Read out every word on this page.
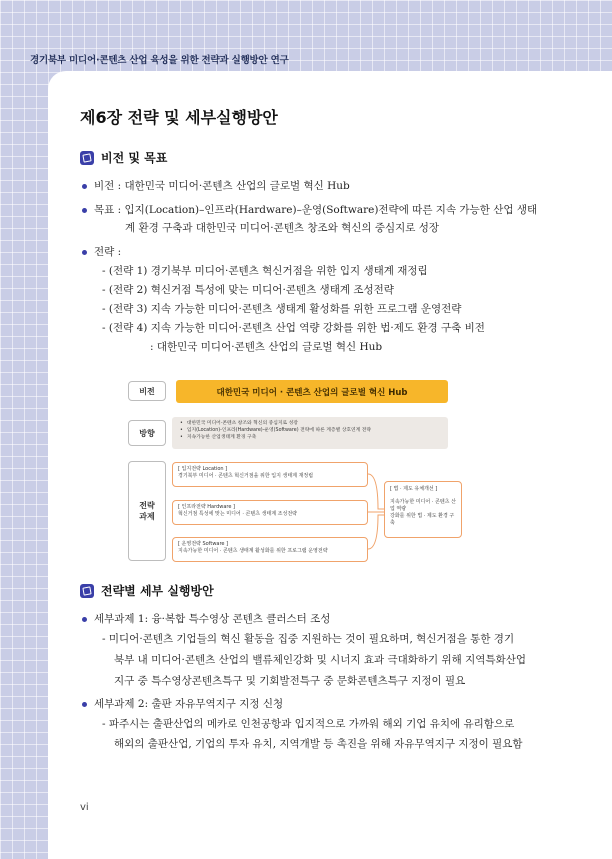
경기북부 미디어·콘텐츠 산업 육성을 위한 전략과 실행방안 연구
제6장 전략 및 세부실행방안
비전 및 목표
비전 : 대한민국 미디어·콘텐츠 산업의 글로벌 혁신 Hub
목표 : 입지(Location)–인프라(Hardware)–운영(Software)전략에 따른 지속 가능한 산업 생태
계 환경 구축과 대한민국 미디어·콘텐츠 창조와 혁신의 중심지로 성장
전략 :
- (전략 1) 경기북부 미디어·콘텐츠 혁신거점을 위한 입지 생태계 재정립
- (전략 2) 혁신거점 특성에 맞는 미디어·콘텐츠 생태계 조성전략
- (전략 3) 지속 가능한 미디어·콘텐츠 생태계 활성화를 위한 프로그램 운영전략
- (전략 4) 지속 가능한 미디어·콘텐츠 산업 역량 강화를 위한 법·제도 환경 구축 비전
: 대한민국 미디어·콘텐츠 산업의 글로벌 혁신 Hub
비전	대한민국 미디어 · 콘텐츠 산업의 글로벌 혁신 Hub
방향
• 대한민국 미디어·콘텐츠 창조와 혁신의 중심지로 성장
• 입지(Location)-인프라(Hardware)-운영(Software) 전략에 따른 계층별 상호연계 전략
• 지속가능한 산업생태계 환경 구축
전략
과제
[ 입지전략 Location ]
경기북부 미디어 · 콘텐츠 혁신거점을 위한 입지 생태계 재정립
[ 인프라전략 Hardware ]
혁신거점 특성에 맞는 미디어 · 콘텐츠 생태계 조성전략
[ 운영전략 Software ]
지속가능한 미디어 · 콘텐츠 생태계 활성화를 위한 프로그램 운영전략
[ 법 · 제도 유체개선 ]
지속가능한 미디어 · 콘텐츠 산업 역량
강화를 위한 법 · 제도 환경 구축
전략별 세부 실행방안
세부과제 1: 융·복합 특수영상 콘텐츠 클러스터 조성
- 미디어·콘텐츠 기업들의 혁신 활동을 집중 지원하는 것이 필요하며, 혁신거점을 통한 경기
북부 내 미디어·콘텐츠 산업의 밸류체인강화 및 시너지 효과 극대화하기 위해 지역특화산업
지구 중 특수영상콘텐츠특구 및 기회발전특구 중 문화콘텐츠특구 지정이 필요
세부과제 2: 출판 자유무역지구 지정 신청
- 파주시는 출판산업의 메카로 인천공항과 입지적으로 가까워 해외 기업 유치에 유리함으로
해외의 출판산업, 기업의 투자 유치, 지역개발 등 촉진을 위해 자유무역지구 지정이 필요함
vi
